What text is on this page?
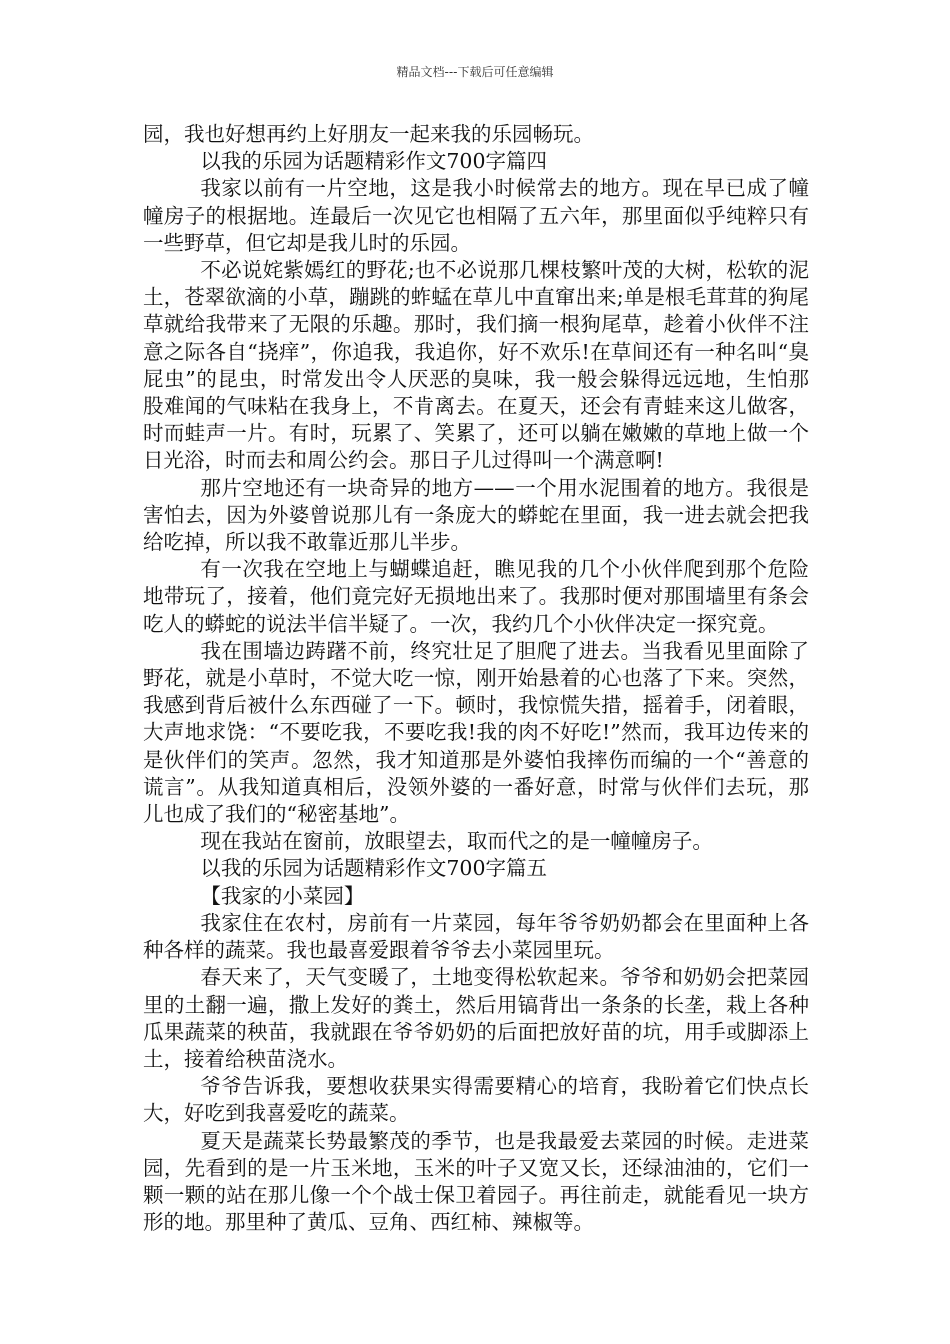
精品文档---下载后可任意编辑

园，我也好想再约上好朋友一起来我的乐园畅玩。

以我的乐园为话题精彩作文700字篇四

我家以前有一片空地，这是我小时候常去的地方。现在早已成了幢幢房子的根据地。连最后一次见它也相隔了五六年，那里面似乎纯粹只有一些野草，但它却是我儿时的乐园。

不必说姹紫嫣红的野花;也不必说那几棵枝繁叶茂的大树，松软的泥土，苍翠欲滴的小草，蹦跳的蚱蜢在草儿中直窜出来;单是根毛茸茸的狗尾草就给我带来了无限的乐趣。那时，我们摘一根狗尾草，趁着小伙伴不注意之际各自“挠痒”，你追我，我追你，好不欢乐!在草间还有一种名叫“臭屁虫”的昆虫，时常发出令人厌恶的臭味，我一般会躲得远远地，生怕那股难闻的气味粘在我身上，不肯离去。在夏天，还会有青蛙来这儿做客，时而蛙声一片。有时，玩累了、笑累了，还可以躺在嫩嫩的草地上做一个日光浴，时而去和周公约会。那日子儿过得叫一个满意啊!

那片空地还有一块奇异的地方——一个用水泥围着的地方。我很是害怕去，因为外婆曾说那儿有一条庞大的蟒蛇在里面，我一进去就会把我给吃掉，所以我不敢靠近那儿半步。

有一次我在空地上与蝴蝶追赶，瞧见我的几个小伙伴爬到那个危险地带玩了，接着，他们竟完好无损地出来了。我那时便对那围墙里有条会吃人的蟒蛇的说法半信半疑了。一次，我约几个小伙伴决定一探究竟。

我在围墙边踌躇不前，终究壮足了胆爬了进去。当我看见里面除了野花，就是小草时，不觉大吃一惊，刚开始悬着的心也落了下来。突然，我感到背后被什么东西碰了一下。顿时，我惊慌失措，摇着手，闭着眼，大声地求饶：“不要吃我，不要吃我!我的肉不好吃!”然而，我耳边传来的是伙伴们的笑声。忽然，我才知道那是外婆怕我摔伤而编的一个“善意的谎言”。从我知道真相后，没领外婆的一番好意，时常与伙伴们去玩，那儿也成了我们的“秘密基地”。

现在我站在窗前，放眼望去，取而代之的是一幢幢房子。

以我的乐园为话题精彩作文700字篇五

【我家的小菜园】

我家住在农村，房前有一片菜园，每年爷爷奶奶都会在里面种上各种各样的蔬菜。我也最喜爱跟着爷爷去小菜园里玩。

春天来了，天气变暖了，土地变得松软起来。爷爷和奶奶会把菜园里的土翻一遍，撒上发好的粪土，然后用镐背出一条条的长垄，栽上各种瓜果蔬菜的秧苗，我就跟在爷爷奶奶的后面把放好苗的坑，用手或脚添上土，接着给秧苗浇水。

爷爷告诉我，要想收获果实得需要精心的培育，我盼着它们快点长大，好吃到我喜爱吃的蔬菜。

夏天是蔬菜长势最繁茂的季节，也是我最爱去菜园的时候。走进菜园，先看到的是一片玉米地，玉米的叶子又宽又长，还绿油油的，它们一颗一颗的站在那儿像一个个战士保卫着园子。再往前走，就能看见一块方形的地。那里种了黄瓜、豆角、西红柿、辣椒等。
